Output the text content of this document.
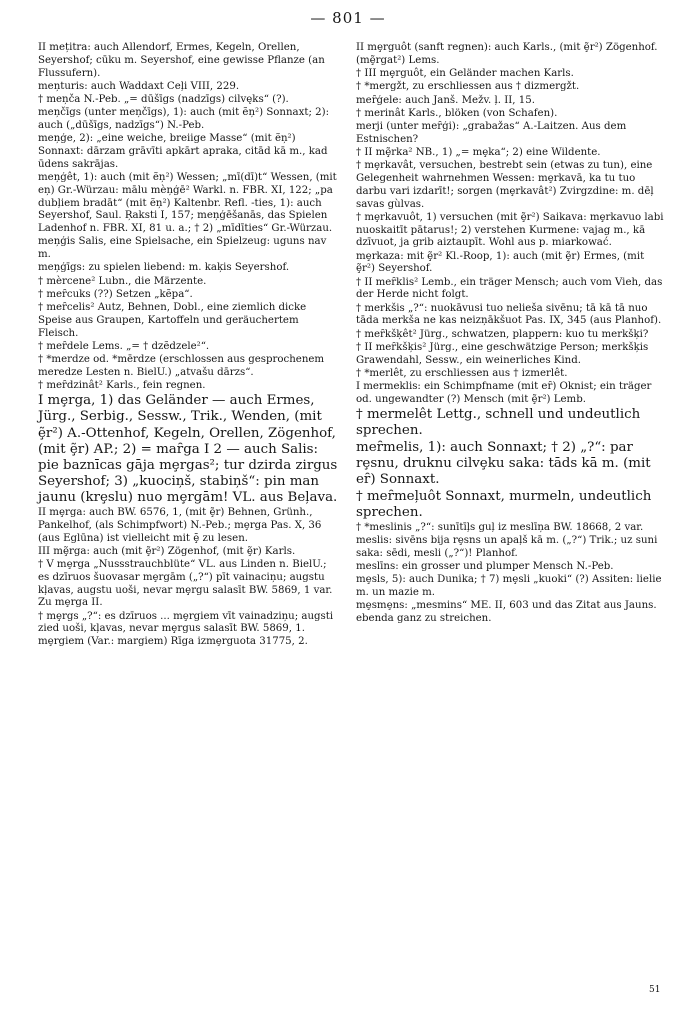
— 801 —
II mețitra: auch Allendorf, Ermes, Kegeln, Orellen, Seyershof; cūku m. Seyershof, eine gewisse Pflanze (an Flussufern).
meņturis: auch Waddaxt Ceļi VIII, 229.
† meņča N.-Peb. „= dūšīgs (nadzīgs) cilvęks“ (?).
meņčīgs (unter meņčīgs), 1): auch (mit ẽņ²) Sonnaxt; 2): auch („dūšīgs, nadzīgs“) N.-Peb.
meņģe, 2): „eine weiche, breiige Masse“ (mit ẽņ²) Sonnaxt: dārzam grāvīti apkārt apraka, citād kā m., kad ūdens sakrājas.
meņģêt, 1): auch (mit ẽņ²) Wessen; „mī(dī)t“ Wessen, (mit eņ) Gr.-Würzau: mālu mèņģē² Warkl. n. FBR. XI, 122; „pa dubļiem bradāt“ (mit ẽņ²) Kaltenbr. Refl. -ties, 1): auch Seyershof, Saul. Ŗaksti I, 157; meņģēšanās, das Spielen Ladenhof n. FBR. XI, 81 u. a.; † 2) „mīdīties“ Gr.-Würzau.
meņģis Salis, eine Spielsache, ein Spielzeug: uguns nav m.
meņģīgs: zu spielen liebend: m. kaķis Seyershof.
† mèrcene² Lubn., die Märzente.
† meȓcuks (??) Setzen „kẽpa“.
† meȓcelis² Autz, Behnen, Dobl., eine ziemlich dicke Speise aus Graupen, Kartoffeln und geräuchertem Fleisch.
† meȓdele Lems. „= † dzẽdzele²“.
† *merdze od. *mērdze (erschlossen aus gesprochenem meredze Lesten n. BielU.) „atvašu dārzs“.
† meȓdzinât² Karls., fein regnen.
I mȩrga, 1) das Geländer — auch Ermes, Jürg., Serbig., Sessw., Trik., Wenden, (mit ȩ̃r²) A.-Ottenhof, Kegeln, Orellen, Zögenhof, (mit ȩ̃r) AP.; 2) = maȓga I 2 — auch Salis: pie baznīcas gāja mȩrgas²; tur dzirda zirgus Seyershof; 3) „kuociņš, stabiņš“: pin man jaunu (krȩslu) nuo mȩrgām! VL. aus Beļava.
II mȩrga: auch BW. 6576, 1, (mit ȩ̃r) Behnen, Grünh., Pankelhof, (als Schimpfwort) N.-Peb.; mȩrga Pas. X, 36 (aus Eglūna) ist vielleicht mit ȩ̄ zu lesen.
III mȩ̃rga: auch (mit ȩ̃r²) Zögenhof, (mit ȩ̃r) Karls.
† V mȩrga „Nussstrauchblüte“ VL. aus Linden n. BielU.; es dzīruos šuovasar mȩrgām („?“) pīt vainaciņu; augstu kļavas, augstu uoši, nevar mȩrgu salasīt BW. 5869, 1 var. Zu mȩrga II.
† mȩrgs „?“: es dzīruos ... mȩrgiem vīt vainadziņu; augsti zied uoši, kļavas, nevar mȩrgus salasīt BW. 5869, 1. mȩrgiem (Var.: margiem) Rīga izmȩrguota 31775, 2.
II mȩrguôt (sanft regnen): auch Karls., (mit ȩ̃r²) Zögenhof. (mȩ̃rgat²) Lems.
† III mȩrguôt, ein Geländer machen Karls.
† *mergžt, zu erschliessen aus † dizmergžt.
meȓģele: auch Janš. Mežv. ļ. II, 15.
† merinât Karls., blöken (von Schafen).
merji (unter meȓģi): „grabažas“ A.-Laitzen. Aus dem Estnischen?
† II mȩ̃rka² NB., 1) „= mȩka“; 2) eine Wildente.
† mȩrkavât, versuchen, bestrebt sein (etwas zu tun), eine Gelegenheit wahrnehmen Wessen: mȩrkavā, ka tu tuo darbu vari izdarīt!; sorgen (mȩrkavât²) Zvirgzdine: m. dēļ savas gùlvas.
† mȩrkavuôt, 1) versuchen (mit ȩ̃r²) Saikava: mȩrkavuo labi nuoskaitīt pātarus!; 2) verstehen Kurmene: vajag m., kā dzīvuot, ja grib aiztaupīt. Wohl aus p. miarkować.
mȩrkaza: mit ȩ̃r² Kl.-Roop, 1): auch (mit ȩ̃r) Ermes, (mit ȩ̃r²) Seyershof.
† II meȓklis² Lemb., ein träger Mensch; auch vom Vieh, das der Herde nicht folgt.
† merkšis „?“: nuokāvusi tuo nelieša sivēnu; tā kā tā nuo tāda merkša ne kas neizņākšuot Pas. IX, 345 (aus Planhof).
† meȓkšķêt² Jürg., schwatzen, plappern: kuo tu merkšķi?
† II meȓkšķis² Jürg., eine geschwätzige Person; merkšķis Grawendahl, Sessw., ein weinerliches Kind.
† *merlêt, zu erschliessen aus † izmerlêt.
I mermeklis: ein Schimpfname (mit eȓ) Oknist; ein träger od. ungewandter (?) Mensch (mit ȩ̃r²) Lemb.
† mermelêt Lettg., schnell und undeutlich sprechen.
meȓmelis, 1): auch Sonnaxt; † 2) „?“: par rȩsnu, druknu cilvȩku saka: tāds kā m. (mit eȓ) Sonnaxt.
† meȓmeļuôt Sonnaxt, murmeln, undeutlich sprechen.
† *meslinis „?“: sunītīļs guļ iz meslīņa BW. 18668, 2 var.
meslis: sivēns bija rȩsns un apaļš kā m. („?“) Trik.; uz suni saka: sēdi, mesli („?“)! Planhof.
meslīns: ein grosser und plumper Mensch N.-Peb.
mȩsls, 5): auch Dunika; † 7) mȩsli „kuoki“ (?) Assiten: lielie m. un mazie m.
mȩsmȩns: „mesmins“ ME. II, 603 und das Zitat aus Jauns. ebenda ganz zu streichen.
51
